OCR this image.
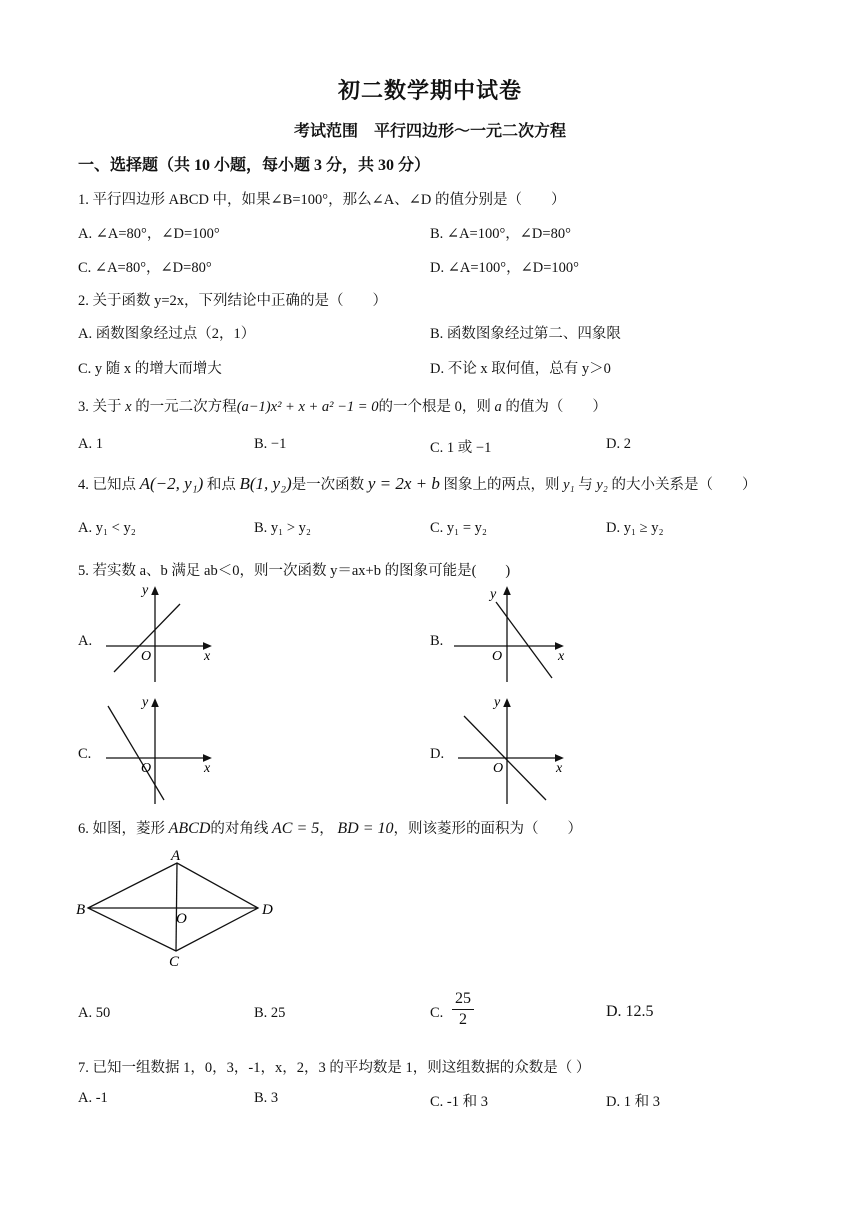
初二数学期中试卷
考试范围　平行四边形～一元二次方程
一、选择题（共 10 小题，每小题 3 分，共 30 分）
1. 平行四边形 ABCD 中，如果∠B=100°，那么∠A、∠D 的值分别是（　　）
A. ∠A=80°，∠D=100°	B. ∠A=100°，∠D=80°
C. ∠A=80°，∠D=80°	D. ∠A=100°，∠D=100°
2. 关于函数 y=2x，下列结论中正确的是（　　）
A. 函数图象经过点（2，1）	B. 函数图象经过第二、四象限
C. y 随 x 的增大而增大	D. 不论 x 取何值，总有 y＞0
3. 关于 x 的一元二次方程(a−1)x² + x + a² −1 = 0的一个根是 0，则 a 的值为（　　）
A. 1	B. −1	C. 1 或 −1	D. 2
4. 已知点 A(−2, y₁) 和点 B(1, y₂)是一次函数 y = 2x + b 图象上的两点，则 y₁ 与 y₂ 的大小关系是（　　）
A. y₁ < y₂	B. y₁ > y₂	C. y₁ = y₂	D. y₁ ≥ y₂
5. 若实数 a、b 满足 ab＜0，则一次函数 y＝ax+b 的图象可能是(　　)
A.
y
x
O
B.
y
x
O
C.
y
x
O
D.
y
x
O
6. 如图，菱形 ABCD的对角线 AC = 5， BD = 10，则该菱形的面积为（　　）
A
B	D
C
O
A. 50	B. 25	C.
25
2	D. 12.5
7. 已知一组数据 1，0，3，-1，x，2，3 的平均数是 1，则这组数据的众数是（ ）
A. -1	B. 3	C. -1 和 3	D. 1 和 3
